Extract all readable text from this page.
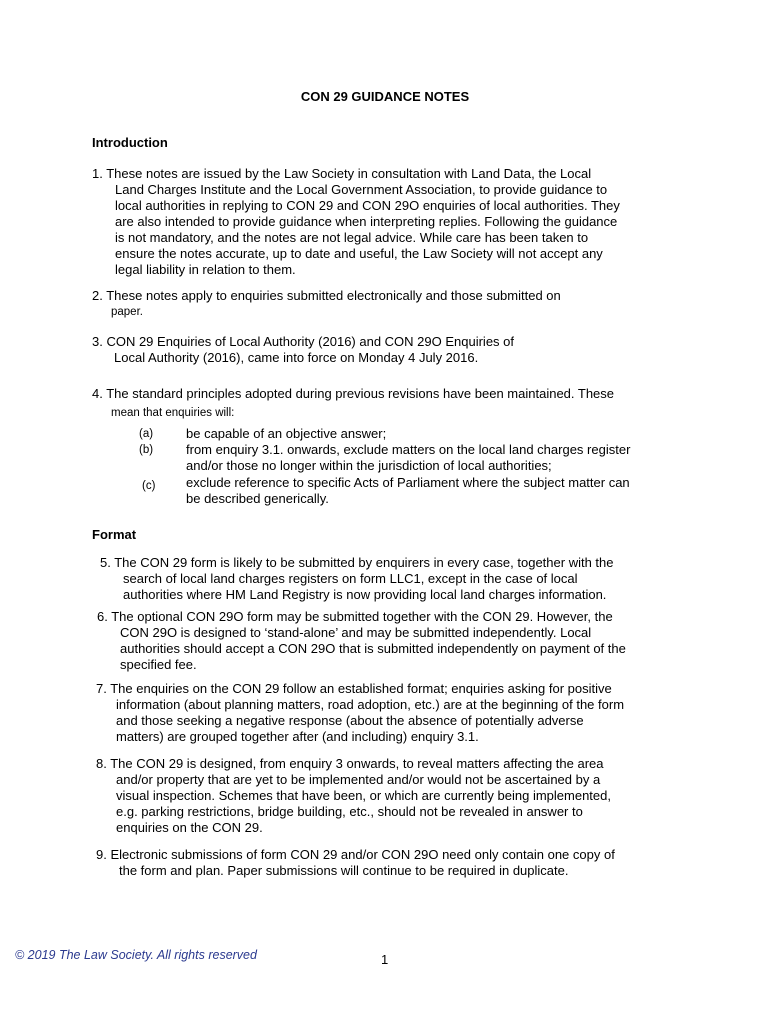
CON 29 GUIDANCE NOTES
Introduction
1. These notes are issued by the Law Society in consultation with Land Data, the Local
Land Charges Institute and the Local Government Association, to provide guidance to
local authorities in replying to CON 29 and CON 29O enquiries of local authorities. They
are also intended to provide guidance when interpreting replies. Following the guidance
is not mandatory, and the notes are not legal advice. While care has been taken to
ensure the notes accurate, up to date and useful, the Law Society will not accept any
legal liability in relation to them.
2. These notes apply to enquiries submitted electronically and those submitted on
paper.
3. CON 29 Enquiries of Local Authority (2016) and CON 29O Enquiries of
Local Authority (2016), came into force on Monday 4 July 2016.
4. The standard principles adopted during previous revisions have been maintained. These
mean that enquiries will:
(a)	be capable of an objective answer;
(b)	from enquiry 3.1. onwards, exclude matters on the local land charges register
and/or those no longer within the jurisdiction of local authorities;
(c) exclude reference to specific Acts of Parliament where the subject matter can
be described generically.
Format
5. The CON 29 form is likely to be submitted by enquirers in every case, together with the
search of local land charges registers on form LLC1, except in the case of local
authorities where HM Land Registry is now providing local land charges information.
6. The optional CON 29O form may be submitted together with the CON 29. However, the
CON 29O is designed to ‘stand-alone’ and may be submitted independently. Local
authorities should accept a CON 29O that is submitted independently on payment of the
specified fee.
7. The enquiries on the CON 29 follow an established format; enquiries asking for positive
information (about planning matters, road adoption, etc.) are at the beginning of the form
and those seeking a negative response (about the absence of potentially adverse
matters) are grouped together after (and including) enquiry 3.1.
8. The CON 29 is designed, from enquiry 3 onwards, to reveal matters affecting the area
and/or property that are yet to be implemented and/or would not be ascertained by a
visual inspection. Schemes that have been, or which are currently being implemented,
e.g. parking restrictions, bridge building, etc., should not be revealed in answer to
enquiries on the CON 29.
9. Electronic submissions of form CON 29 and/or CON 29O need only contain one copy of
the form and plan. Paper submissions will continue to be required in duplicate.
© 2019 The Law Society. All rights reserved	1
